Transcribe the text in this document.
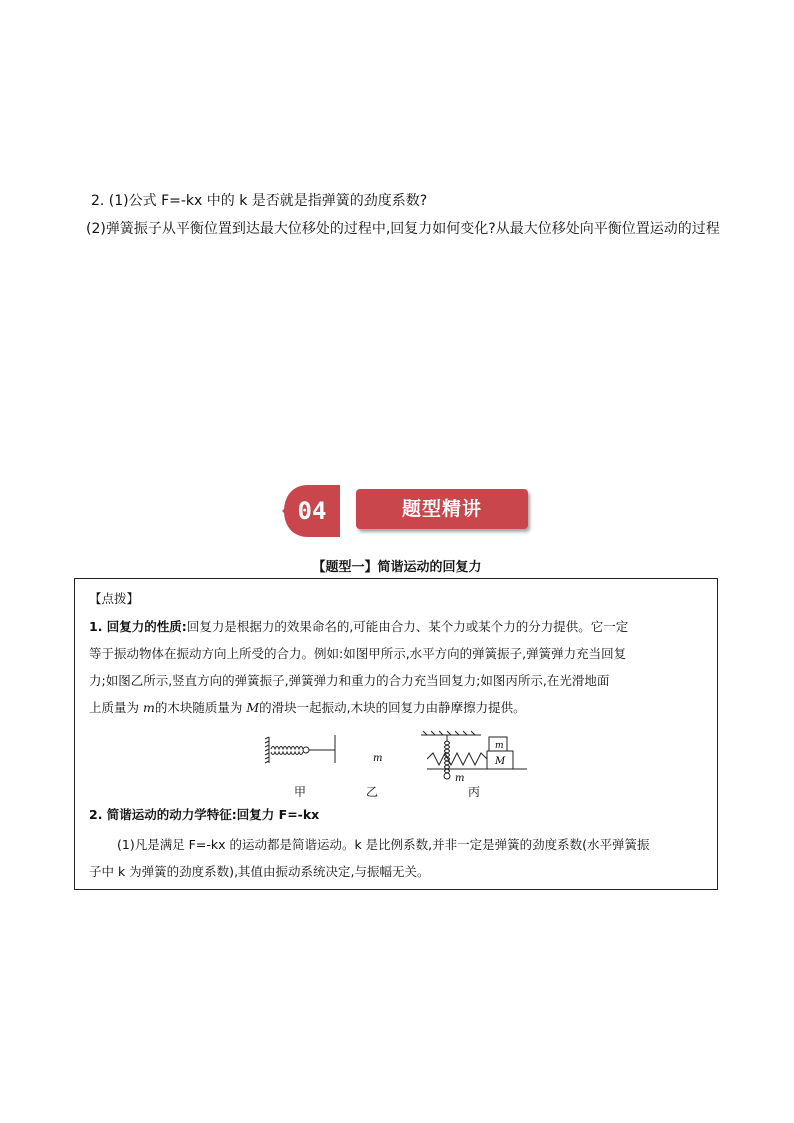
2. (1)公式 F=-kx 中的 k 是否就是指弹簧的劲度系数?
(2)弹簧振子从平衡位置到达最大位移处的过程中,回复力如何变化?从最大位移处向平衡位置运动的过程
04	题型精讲
【题型一】简谐运动的回复力
【点拨】
1. 回复力的性质:回复力是根据力的效果命名的,可能由合力、某个力或某个力的分力提供。它一定
等于振动物体在振动方向上所受的合力。例如:如图甲所示,水平方向的弹簧振子,弹簧弹力充当回复
力;如图乙所示,竖直方向的弹簧振子,弹簧弹力和重力的合力充当回复力;如图丙所示,在光滑地面
上质量为 m的木块随质量为 M的滑块一起振动,木块的回复力由静摩擦力提供。
m
m
m
M
甲	乙	丙
2. 简谐运动的动力学特征:回复力 F=-kx
(1)凡是满足 F=-kx 的运动都是简谐运动。k 是比例系数,并非一定是弹簧的劲度系数(水平弹簧振
子中 k 为弹簧的劲度系数),其值由振动系统决定,与振幅无关。
